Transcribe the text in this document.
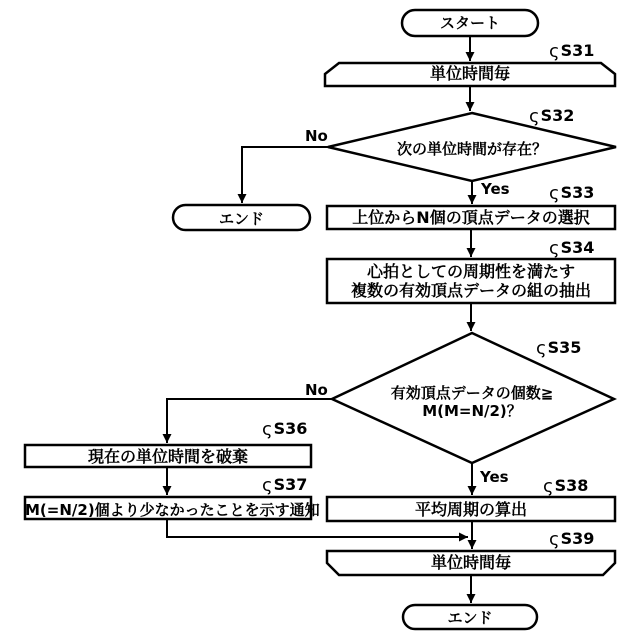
スタート
単位時間毎
次の単位時間が存在？
エンド	上位からN個の頂点データの選択
心拍としての周期性を満たす
複数の有効頂点データの組の抽出
有効頂点データの個数≧
M(M=N/2)？
現在の単位時間を破棄
M(=N/2)個より少なかったことを示す通知	平均周期の算出
単位時間毎
エンド
ς S31
ς S32
ς S33
ς S34
ς S35
ς S36
ς S37	ς S38
ς S39
No
Yes
No
Yes
